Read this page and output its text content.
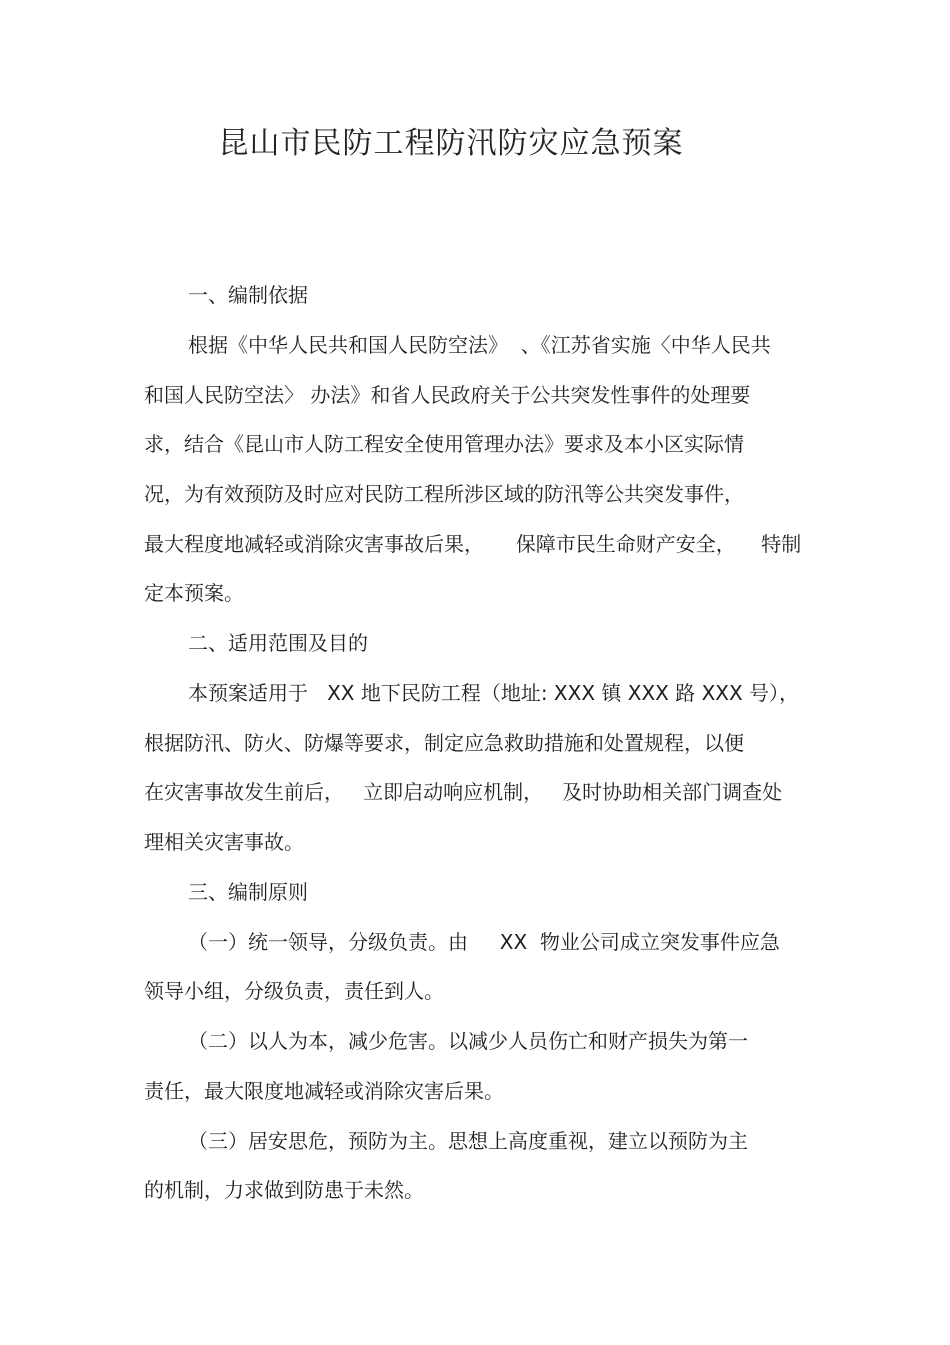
昆山市民防工程防汛防灾应急预案
一、编制依据
根据《中华人民共和国人民防空法》  、《江苏省实施〈中华人民共
和国人民防空法〉 办法》和省人民政府关于公共突发性事件的处理要
求，结合《昆山市人防工程安全使用管理办法》要求及本小区实际情
况，为有效预防及时应对民防工程所涉区域的防汛等公共突发事件，
最大程度地减轻或消除灾害事故后果，     保障市民生命财产安全，    特制
定本预案。
二、适用范围及目的
本预案适用于   XX 地下民防工程（地址: XXX 镇 XXX 路 XXX 号），
根据防汛、防火、防爆等要求，制定应急救助措施和处置规程，以便
在灾害事故发生前后，   立即启动响应机制，   及时协助相关部门调查处
理相关灾害事故。
三、编制原则
（一）统一领导，分级负责。由     XX  物业公司成立突发事件应急
领导小组，分级负责，责任到人。
（二）以人为本，减少危害。以减少人员伤亡和财产损失为第一
责任，最大限度地减轻或消除灾害后果。
（三）居安思危，预防为主。思想上高度重视，建立以预防为主
的机制，力求做到防患于未然。
